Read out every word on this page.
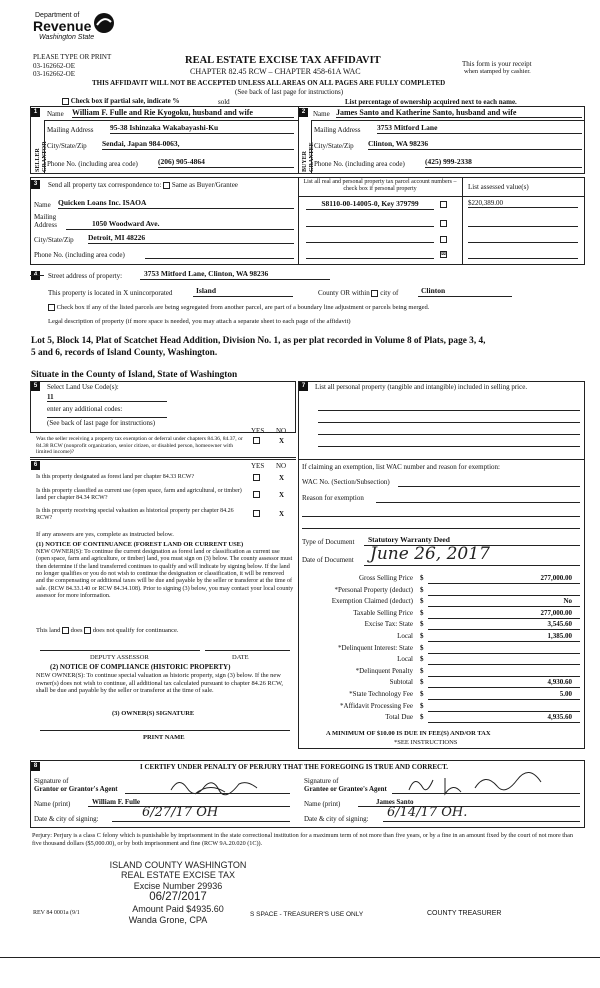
Department of
Revenue
Washington State
PLEASE TYPE OR PRINT
03-162662-OE
03-162662-OE
REAL ESTATE EXCISE TAX AFFIDAVIT
CHAPTER 82.45 RCW – CHAPTER 458-61A WAC
This form is your receipt
when stamped by cashier.
THIS AFFIDAVIT WILL NOT BE ACCEPTED UNLESS ALL AREAS ON ALL PAGES ARE FULLY COMPLETED
(See back of last page for instructions)
Check box if partial sale, indicate %	sold	List percentage of ownership acquired next to each name.
1	2
SELLER	BUYER
Name William F. Fulle and Rie Kyogoku, husband and wife
Mailing Address 95-38 Ishinzaka Wakabayashi-Ku
City/State/Zip Sendai, Japan 984-0063,
Phone No. (including area code)	(206) 905-4864
Name James Santo and Katherine Santo, husband and wife
Mailing Address 3753 Mitford Lane
City/State/Zip Clinton, WA 98236
Phone No. (including area code)	(425) 999-2338
3	Send all property tax correspondence to: Same as Buyer/Grantee
Name Quicken Loans Inc. ISAOA
Mailing Address	1050 Woodward Ave.
City/State/Zip Detroit, MI 48226
Phone No. (including area code)
List all real and personal property tax parcel account numbers – check box if personal property	List assessed value(s)
S8110-00-14005-0, Key 379799	$220,389.00
⊠
Street address of property:	3753 Mitford Lane, Clinton, WA 98236
This property is located in X unincorporated	Island	County OR within city of	Clinton
Check box if any of the listed parcels are being segregated from another parcel, are part of a boundary line adjustment or parcels being merged.
Legal description of property (if more space is needed, you may attach a separate sheet to each page of the affidavit)
Lot 5, Block 14, Plat of Scatchet Head Addition, Division No. 1, as per plat recorded in Volume 8 of Plats, page 3, 4,
5 and 6, records of Island County, Washington.
Situate in the County of Island, State of Washington
5	Select Land Use Code(s):
11
enter any additional codes:
(See back of last page for instructions)
YES NO
Was the seller receiving a property tax exemption or deferral under chapters 84.36, 84.37, or 84.38 RCW (nonprofit organization, senior citizen, or disabled person, homeowner with limited income)?
X
6	YES NO
Is this property designated as forest land per chapter 84.33 RCW?	X
Is this property classified as current use (open space, farm and agricultural, or timber) land per chapter 84.34 RCW?	X
Is this property receiving special valuation as historical property per chapter 84.26 RCW?	X
If any answers are yes, complete as instructed below.
(1) NOTICE OF CONTINUANCE (FOREST LAND OR CURRENT USE)
NEW OWNER(S): To continue the current designation as forest land or classification as current use (open space, farm and agriculture, or timber) land, you must sign on (3) below. The county assessor must then determine if the land transferred continues to qualify and will indicate by signing below. If the land no longer qualifies or you do not wish to continue the designation or classification, it will be removed and the compensating or additional taxes will be due and payable by the seller or transferor at the time of sale. (RCW 84.33.140 or RCW 84.34.108). Prior to signing (3) below, you may contact your local county assessor for more information.
This land does does not qualify for continuance.
DEPUTY ASSESSOR	DATE
(2) NOTICE OF COMPLIANCE (HISTORIC PROPERTY)
NEW OWNER(S): To continue special valuation as historic property, sign (3) below. If the new owner(s) does not wish to continue, all additional tax calculated pursuant to chapter 84.26 RCW, shall be due and payable by the seller or transferor at the time of sale.
(3) OWNER(S) SIGNATURE
PRINT NAME
7	List all personal property (tangible and intangible) included in selling price.
If claiming an exemption, list WAC number and reason for exemption:
WAC No. (Section/Subsection)
Reason for exemption
Type of Document	Statutory Warranty Deed
Date of Document June 26, 2017
Gross Selling Price $	277,000.00
*Personal Property (deduct) $
Exemption Claimed (deduct) $	No
Taxable Selling Price $	277,000.00
Excise Tax: State $	3,545.60
Local $	1,385.00
*Delinquent Interest: State $
Local $
*Delinquent Penalty $
Subtotal $	4,930.60
*State Technology Fee $	5.00
*Affidavit Processing Fee $
Total Due $	4,935.60
A MINIMUM OF $10.00 IS DUE IN FEE(S) AND/OR TAX
*SEE INSTRUCTIONS
8	I CERTIFY UNDER PENALTY OF PERJURY THAT THE FOREGOING IS TRUE AND CORRECT.
Signature of
Grantor or Grantor's Agent
Name (print)	William F. Fulle
Date & city of signing:	6/27/17 OH
Signature of
Grantee or Grantee's Agent
Name (print)	James Santo
Date & city of signing:	6/14/17 OH.
Perjury: Perjury is a class C felony which is punishable by imprisonment in the state correctional institution for a maximum term of not more than five years, or by a fine in an amount fixed by the court of not more than five thousand dollars ($5,000.00), or by both imprisonment and fine (RCW 9A.20.020 (1C)).
ISLAND COUNTY WASHINGTON
REAL ESTATE EXCISE TAX
Excise Number 29936
06/27/2017
Amount Paid $4935.60
Wanda Grone, CPA
REV 84 0001a (9/1	S SPACE - TREASURER'S USE ONLY	COUNTY TREASURER
